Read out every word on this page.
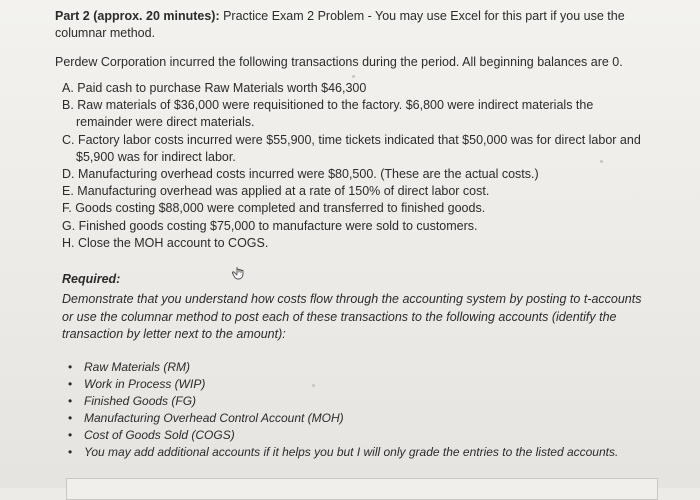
Part 2 (approx. 20 minutes): Practice Exam 2 Problem - You may use Excel for this part if you use the columnar method.
Perdew Corporation incurred the following transactions during the period. All beginning balances are 0.
A. Paid cash to purchase Raw Materials worth $46,300
B. Raw materials of $36,000 were requisitioned to the factory. $6,800 were indirect materials the remainder were direct materials.
C. Factory labor costs incurred were $55,900, time tickets indicated that $50,000 was for direct labor and $5,900 was for indirect labor.
D. Manufacturing overhead costs incurred were $80,500. (These are the actual costs.)
E. Manufacturing overhead was applied at a rate of 150% of direct labor cost.
F. Goods costing $88,000 were completed and transferred to finished goods.
G. Finished goods costing $75,000 to manufacture were sold to customers.
H. Close the MOH account to COGS.
Required:
Demonstrate that you understand how costs flow through the accounting system by posting to t-accounts or use the columnar method to post each of these transactions to the following accounts (identify the transaction by letter next to the amount):
• Raw Materials (RM)
• Work in Process (WIP)
• Finished Goods (FG)
• Manufacturing Overhead Control Account (MOH)
• Cost of Goods Sold (COGS)
• You may add additional accounts if it helps you but I will only grade the entries to the listed accounts.
